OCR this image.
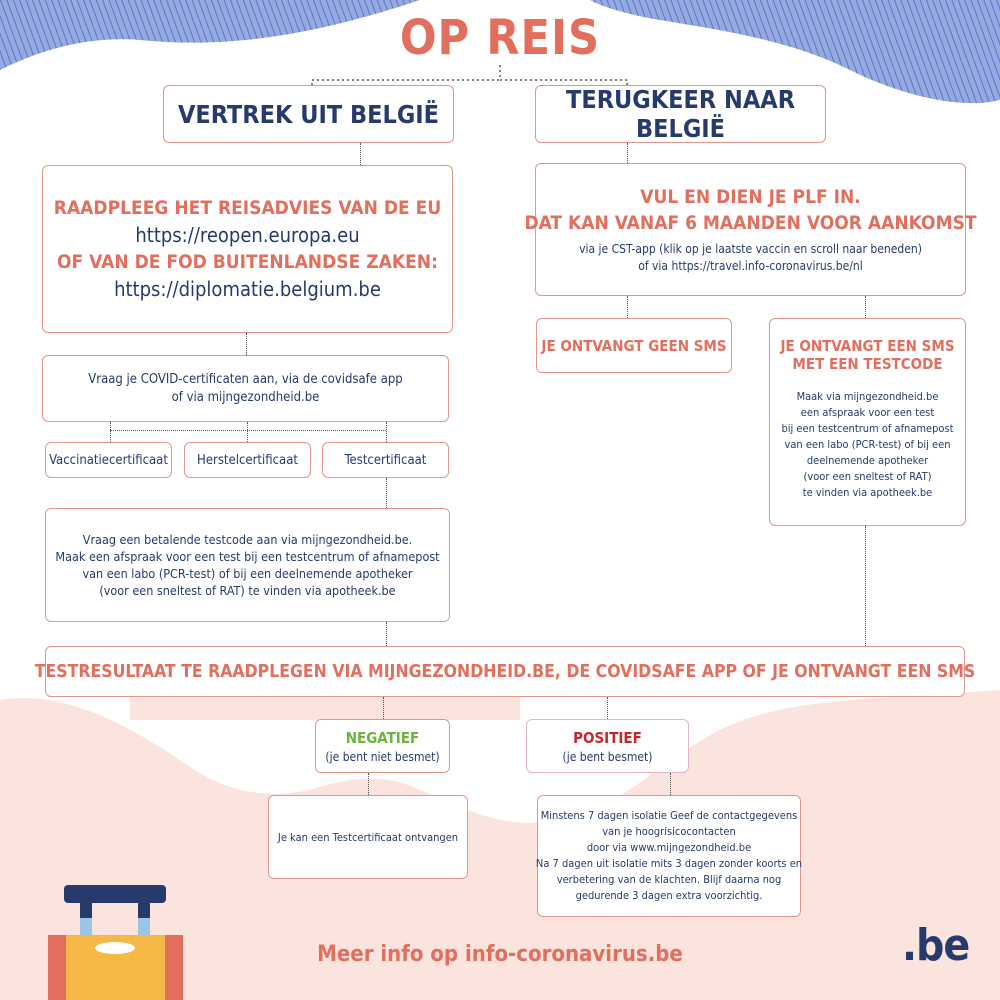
OP REIS
VERTREK UIT BELGIË	TERUGKEER NAAR BELGIË
RAADPLEEG HET REISADVIES VAN DE EU
https://reopen.europa.eu
OF VAN DE FOD BUITENLANDSE ZAKEN:
https://diplomatie.belgium.be
Vraag je COVID-certificaten aan, via de covidsafe app
of via mijngezondheid.be
Vaccinatiecertificaat Herstelcertificaat	Testcertificaat
Vraag een betalende testcode aan via mijngezondheid.be.
Maak een afspraak voor een test bij een testcentrum of afnamepost
van een labo (PCR-test) of bij een deelnemende apotheker
(voor een sneltest of RAT) te vinden via apotheek.be
VUL EN DIEN JE PLF IN.
DAT KAN VANAF 6 MAANDEN VOOR AANKOMST
via je CST-app (klik op je laatste vaccin en scroll naar beneden)
of via https://travel.info-coronavirus.be/nl
JE ONTVANGT GEEN SMS	JE ONTVANGT EEN SMS
MET EEN TESTCODE
Maak via mijngezondheid.be
een afspraak voor een test
bij een testcentrum of afnamepost
van een labo (PCR-test) of bij een
deelnemende apotheker
(voor een sneltest of RAT)
te vinden via apotheek.be
TESTRESULTAAT TE RAADPLEGEN VIA MIJNGEZONDHEID.BE, DE COVIDSAFE APP OF JE ONTVANGT EEN SMS
NEGATIEF
(je bent niet besmet)
POSITIEF
(je bent besmet)
Je kan een Testcertificaat ontvangen
Minstens 7 dagen isolatie Geef de contactgegevens
van je hoogrisicocontacten
door via www.mijngezondheid.be
Na 7 dagen uit isolatie mits 3 dagen zonder koorts en
verbetering van de klachten. Blijf daarna nog
gedurende 3 dagen extra voorzichtig.
Meer info op info-coronavirus.be	.be
